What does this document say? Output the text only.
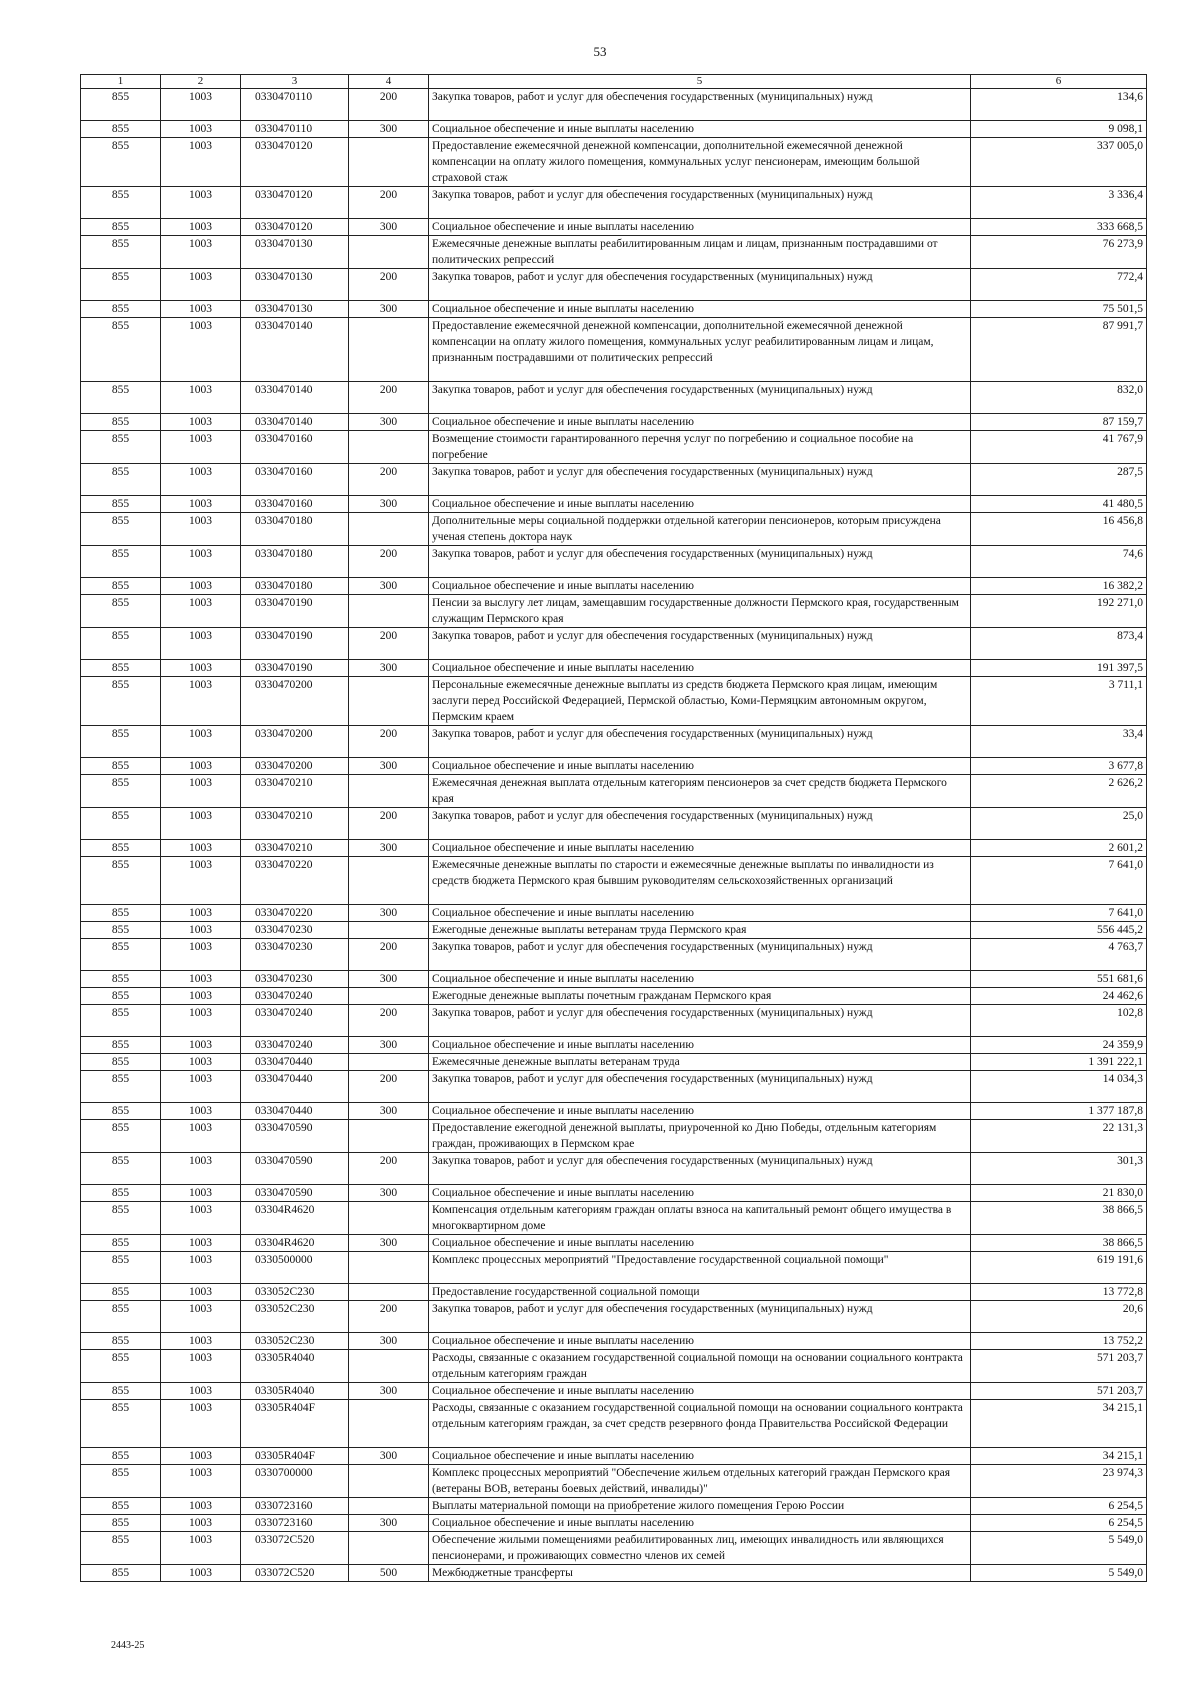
53
1	2	3	4	5	6
855	1003	0330470110	200	Закупка товаров, работ и услуг для обеспечения государственных (муниципальных) нужд	134,6
855	1003	0330470110	300	Социальное обеспечение и иные выплаты населению	9 098,1
855	1003	0330470120		Предоставление ежемесячной денежной компенсации, дополнительной ежемесячной денежной компенсации на оплату жилого помещения, коммунальных услуг пенсионерам, имеющим большой страховой стаж	337 005,0
855	1003	0330470120	200	Закупка товаров, работ и услуг для обеспечения государственных (муниципальных) нужд	3 336,4
855	1003	0330470120	300	Социальное обеспечение и иные выплаты населению	333 668,5
855	1003	0330470130		Ежемесячные денежные выплаты реабилитированным лицам и лицам, признанным пострадавшими от политических репрессий	76 273,9
855	1003	0330470130	200	Закупка товаров, работ и услуг для обеспечения государственных (муниципальных) нужд	772,4
855	1003	0330470130	300	Социальное обеспечение и иные выплаты населению	75 501,5
855	1003	0330470140		Предоставление ежемесячной денежной компенсации, дополнительной ежемесячной денежной компенсации на оплату жилого помещения, коммунальных услуг реабилитированным лицам и лицам, признанным пострадавшими от политических репрессий	87 991,7
855	1003	0330470140	200	Закупка товаров, работ и услуг для обеспечения государственных (муниципальных) нужд	832,0
855	1003	0330470140	300	Социальное обеспечение и иные выплаты населению	87 159,7
855	1003	0330470160		Возмещение стоимости гарантированного перечня услуг по погребению и социальное пособие на погребение	41 767,9
855	1003	0330470160	200	Закупка товаров, работ и услуг для обеспечения государственных (муниципальных) нужд	287,5
855	1003	0330470160	300	Социальное обеспечение и иные выплаты населению	41 480,5
855	1003	0330470180		Дополнительные меры социальной поддержки отдельной категории пенсионеров, которым присуждена ученая степень доктора наук	16 456,8
855	1003	0330470180	200	Закупка товаров, работ и услуг для обеспечения государственных (муниципальных) нужд	74,6
855	1003	0330470180	300	Социальное обеспечение и иные выплаты населению	16 382,2
855	1003	0330470190		Пенсии за выслугу лет лицам, замещавшим государственные должности Пермского края, государственным служащим Пермского края	192 271,0
855	1003	0330470190	200	Закупка товаров, работ и услуг для обеспечения государственных (муниципальных) нужд	873,4
855	1003	0330470190	300	Социальное обеспечение и иные выплаты населению	191 397,5
855	1003	0330470200		Персональные ежемесячные денежные выплаты из средств бюджета Пермского края лицам, имеющим заслуги перед Российской Федерацией, Пермской областью, Коми-Пермяцким автономным округом, Пермским краем	3 711,1
855	1003	0330470200	200	Закупка товаров, работ и услуг для обеспечения государственных (муниципальных) нужд	33,4
855	1003	0330470200	300	Социальное обеспечение и иные выплаты населению	3 677,8
855	1003	0330470210		Ежемесячная денежная выплата отдельным категориям пенсионеров за счет средств бюджета Пермского края	2 626,2
855	1003	0330470210	200	Закупка товаров, работ и услуг для обеспечения государственных (муниципальных) нужд	25,0
855	1003	0330470210	300	Социальное обеспечение и иные выплаты населению	2 601,2
855	1003	0330470220		Ежемесячные денежные выплаты по старости и ежемесячные денежные выплаты по инвалидности из средств бюджета Пермского края бывшим руководителям сельскохозяйственных организаций	7 641,0
855	1003	0330470220	300	Социальное обеспечение и иные выплаты населению	7 641,0
855	1003	0330470230		Ежегодные денежные выплаты ветеранам труда Пермского края	556 445,2
855	1003	0330470230	200	Закупка товаров, работ и услуг для обеспечения государственных (муниципальных) нужд	4 763,7
855	1003	0330470230	300	Социальное обеспечение и иные выплаты населению	551 681,6
855	1003	0330470240		Ежегодные денежные выплаты почетным гражданам Пермского края	24 462,6
855	1003	0330470240	200	Закупка товаров, работ и услуг для обеспечения государственных (муниципальных) нужд	102,8
855	1003	0330470240	300	Социальное обеспечение и иные выплаты населению	24 359,9
855	1003	0330470440		Ежемесячные денежные выплаты ветеранам труда	1 391 222,1
855	1003	0330470440	200	Закупка товаров, работ и услуг для обеспечения государственных (муниципальных) нужд	14 034,3
855	1003	0330470440	300	Социальное обеспечение и иные выплаты населению	1 377 187,8
855	1003	0330470590		Предоставление ежегодной денежной выплаты, приуроченной ко Дню Победы, отдельным категориям граждан, проживающих в Пермском крае	22 131,3
855	1003	0330470590	200	Закупка товаров, работ и услуг для обеспечения государственных (муниципальных) нужд	301,3
855	1003	0330470590	300	Социальное обеспечение и иные выплаты населению	21 830,0
855	1003	03304R4620		Компенсация отдельным категориям граждан оплаты взноса на капитальный ремонт общего имущества в многоквартирном доме	38 866,5
855	1003	03304R4620	300	Социальное обеспечение и иные выплаты населению	38 866,5
855	1003	0330500000		Комплекс процессных мероприятий "Предоставление государственной социальной помощи"	619 191,6
855	1003	033052С230		Предоставление государственной социальной помощи	13 772,8
855	1003	033052С230	200	Закупка товаров, работ и услуг для обеспечения государственных (муниципальных) нужд	20,6
855	1003	033052С230	300	Социальное обеспечение и иные выплаты населению	13 752,2
855	1003	03305R4040		Расходы, связанные с оказанием государственной социальной помощи на основании социального контракта отдельным категориям граждан	571 203,7
855	1003	03305R4040	300	Социальное обеспечение и иные выплаты населению	571 203,7
855	1003	03305R404F		Расходы, связанные с оказанием государственной социальной помощи на основании социального контракта отдельным категориям граждан, за счет средств резервного фонда Правительства Российской Федерации	34 215,1
855	1003	03305R404F	300	Социальное обеспечение и иные выплаты населению	34 215,1
855	1003	0330700000		Комплекс процессных мероприятий "Обеспечение жильем отдельных категорий граждан Пермского края (ветераны ВОВ, ветераны боевых действий, инвалиды)"	23 974,3
855	1003	0330723160		Выплаты материальной помощи на приобретение жилого помещения Герою России	6 254,5
855	1003	0330723160	300	Социальное обеспечение и иные выплаты населению	6 254,5
855	1003	033072С520		Обеспечение жилыми помещениями реабилитированных лиц, имеющих инвалидность или являющихся пенсионерами, и проживающих совместно членов их семей	5 549,0
855	1003	033072С520	500	Межбюджетные трансферты	5 549,0
2443-25
